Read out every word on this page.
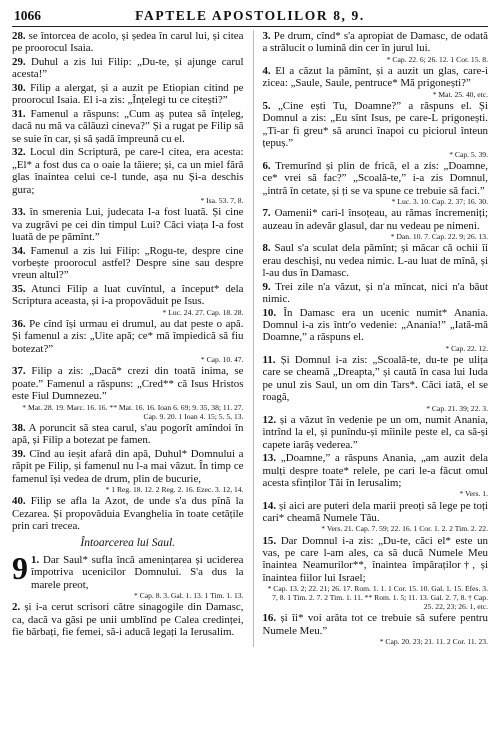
1066	FAPTELE APOSTOLILOR 8, 9.

28. se întorcea de acolo, și ședea în carul lui, și citea pe proorocul Isaia.

29. Duhul a zis lui Filip: „Du-te, și ajunge carul acesta!”

30. Filip a alergat, și a auzit pe Etiopian citind pe proorocul Isaia. El i-a zis: „Înțelegi tu ce citești?”

31. Famenul a răspuns: „Cum aș putea să înțeleg, dacă nu mă va călăuzi cineva?” Și a rugat pe Filip să se suie în car, și să șadă împreună cu el.

32. Locul din Scriptură, pe care-l citea, era acesta: „El* a fost dus ca o oaie la tăiere; și, ca un miel fără glas înaintea celui ce-l tunde, așa nu Și-a deschis gura;
* Isa. 53. 7, 8.

33. în smerenia Lui, judecata I-a fost luată. Și cine va zugrăvi pe cei din timpul Lui? Căci viața I-a fost luată de pe pămînt.”

34. Famenul a zis lui Filip: „Rogu-te, despre cine vorbește proorocul astfel? Despre sine sau despre vreun altul?”

35. Atunci Filip a luat cuvîntul, a început* dela Scriptura aceasta, și i-a propovăduit pe Isus.
* Luc. 24. 27. Cap. 18. 28.

36. Pe cînd își urmau ei drumul, au dat peste o apă. Și famenul a zis: „Uite apă; ce* mă împiedică să fiu botezat?”
* Cap. 10. 47.

37. Filip a zis: „Dacă* crezi din toată inima, se poate.” Famenul a răspuns: „Cred** că Isus Hristos este Fiul Dumnezeu.”
* Mat. 28. 19. Marc. 16. 16. ** Mat. 16. 16. Ioan 6. 69; 9. 35, 38; 11. 27. Cap. 9. 20. 1 Ioan 4. 15; 5. 5, 13.

38. A poruncit să stea carul, s'au pogorît amîndoi în apă, și Filip a botezat pe famen.

39. Cînd au ieșit afară din apă, Duhul* Domnului a răpit pe Filip, și famenul nu l-a mai văzut. În timp ce famenul își vedea de drum, plin de bucurie,
* 1 Reg. 18. 12. 2 Reg. 2. 16. Ezec. 3. 12, 14.

40. Filip se afla la Azot, de unde s'a dus pînă la Cezarea. Și propovăduia Evanghelia în toate cetățile prin cari trecea.

Întoarcerea lui Saul.

9 1. Dar Saul* sufla încă amenințarea și uciderea împotriva ucenicilor Domnului. S'a dus la marele preot,
* Cap. 8. 3. Gal. 1. 13. 1 Tim. 1. 13.

2. și i-a cerut scrisori către sinagogile din Damasc, ca, dacă va găsi pe unii umblînd pe Calea credinței, fie bărbați, fie femei, să-i aducă legați la Ierusalim.

3. Pe drum, cînd* s'a apropiat de Damasc, de odată a strălucit o lumină din cer în jurul lui.
* Cap. 22. 6; 26. 12. 1 Cor. 15. 8.

4. El a căzut la pămînt, și a auzit un glas, care-i zicea: „Saule, Saule, pentruce* Mă prigonești?”
* Mat. 25. 40, etc.

5. „Cine ești Tu, Doamne?” a răspuns el. Și Domnul a zis: „Eu sînt Isus, pe care-L prigonești. „Ti-ar fi greu* să arunci înapoi cu piciorul înteun țepuș.”
* Cap. 5. 39.

6. Tremurînd și plin de frică, el a zis: „Doamne, ce* vrei să fac?” „Scoală-te,” i-a zis Domnul, „intră în cetate, și ți se va spune ce trebuie să faci.”
* Luc. 3. 10. Cap. 2. 37; 16. 30.

7. Oamenii* cari-l însoțeau, au rămas încremeniți; auzeau în adevăr glasul, dar nu vedeau pe nimeni.
* Dan. 10. 7. Cap. 22. 9; 26. 13.

8. Saul s'a sculat dela pămînt; și măcar că ochii îi erau deschiși, nu vedea nimic. L-au luat de mînă, și l-au dus în Damasc.

9. Trei zile n'a văzut, și n'a mîncat, nici n'a băut nimic.

10. În Damasc era un ucenic numit* Anania. Domnul i-a zis într'o vedenie: „Anania!” „Iată-mă Doamne,” a răspuns el.
* Cap. 22. 12.

11. Și Domnul i-a zis: „Scoală-te, du-te pe ulița care se cheamă „Dreapta,” și caută în casa lui Iuda pe unul zis Saul, un om din Tars*. Căci iată, el se roagă,
* Cap. 21. 39; 22. 3.

12. și a văzut în vedenie pe un om, numit Anania, intrînd la el, și punîndu-și mîinile peste el, ca să-și capete iarăș vederea.”

13. „Doamne,” a răspuns Anania, „am auzit dela mulți despre toate* relele, pe cari le-a făcut omul acesta sfinților Tăi în Ierusalim;
* Vers. 1.

14. și aici are puteri dela marii preoți să lege pe toți cari* cheamă Numele Tău.
* Vers. 21. Cap. 7. 59; 22. 16. 1 Cor. 1. 2. 2 Tim. 2. 22.

15. Dar Domnul i-a zis: „Du-te, căci el* este un vas, pe care l-am ales, ca să ducă Numele Meu înaintea Neamurilor**, înaintea împăraților†, și înaintea fiilor lui Israel;
* Cap. 13. 2; 22. 21; 26. 17. Rom. 1. 1. 1 Cor. 15. 10. Gal. 1. 15. Efes. 3. 7, 8. 1 Tim. 2. 7. 2 Tim. 1. 11. ** Rom. 1. 5; 11. 13. Gal. 2. 7, 8. † Cap. 25. 22, 23; 26. 1, etc.

16. și îi* voi arăta tot ce trebuie să sufere pentru Numele Meu.”
* Cap. 20. 23; 21. 11. 2 Cor. 11. 23.
